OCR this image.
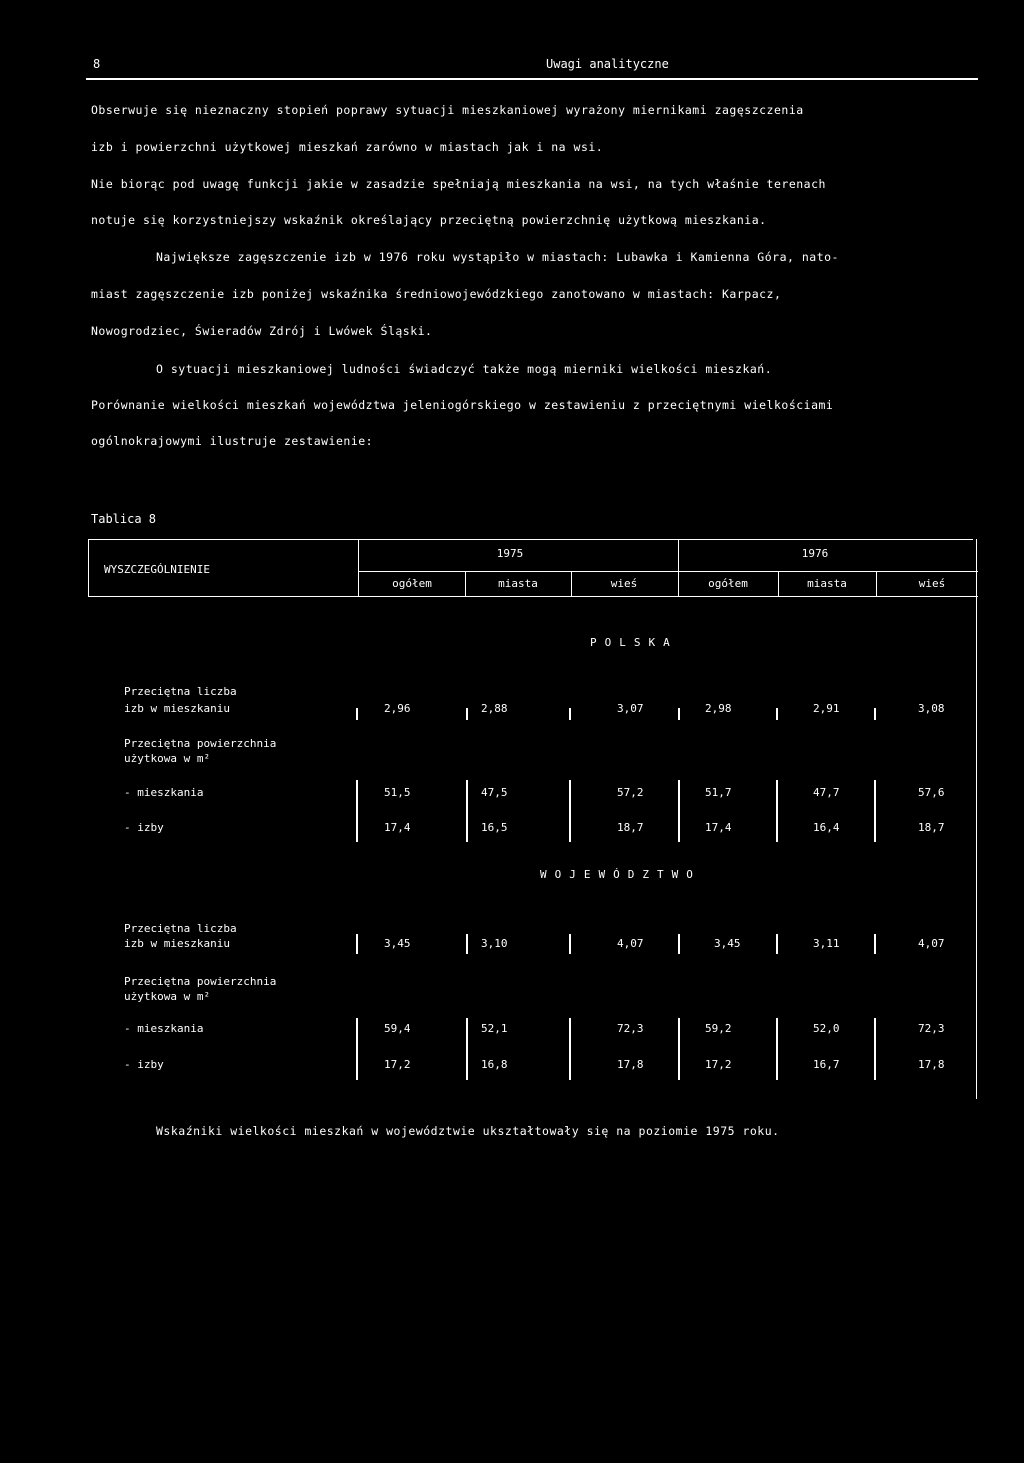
8	Uwagi analityczne
Obserwuje się nieznaczny stopień poprawy sytuacji mieszkaniowej wyrażony miernikami zagęszczenia
izb i powierzchni użytkowej mieszkań zarówno w miastach jak i na wsi.
Nie biorąc pod uwagę funkcji jakie w zasadzie spełniają mieszkania na wsi, na tych właśnie terenach
notuje się korzystniejszy wskaźnik określający przeciętną powierzchnię użytkową mieszkania.
Największe zagęszczenie izb w 1976 roku wystąpiło w miastach: Lubawka i Kamienna Góra, nato-
miast zagęszczenie izb poniżej wskaźnika średniowojewódzkiego zanotowano w miastach: Karpacz,
Nowogrodziec, Świeradów Zdrój i Lwówek Śląski.
O sytuacji mieszkaniowej ludności świadczyć także mogą mierniki wielkości mieszkań.
Porównanie wielkości mieszkań województwa jeleniogórskiego w zestawieniu z przeciętnymi wielkościami
ogólnokrajowymi ilustruje zestawienie:
Tablica 8
WYSZCZEGÓLNIENIE
1975	1976
ogółem	miasta	wieś	ogółem	miasta	wieś
POLSKA
Przeciętna liczba
izb w mieszkaniu	2,96	2,88	3,07	2,98	2,91	3,08
Przeciętna powierzchnia
użytkowa w m²
- mieszkania	51,5	47,5	57,2	51,7	47,7	57,6
- izby	17,4	16,5	18,7	17,4	16,4	18,7
WOJEWÓDZTWO
Przeciętna liczba
izb w mieszkaniu	3,45	3,10	4,07	3,45	3,11	4,07
Przeciętna powierzchnia
użytkowa w m²
- mieszkania	59,4	52,1	72,3	59,2	52,0	72,3
- izby	17,2	16,8	17,8	17,2	16,7	17,8
Wskaźniki wielkości mieszkań w województwie ukształtowały się na poziomie 1975 roku.
